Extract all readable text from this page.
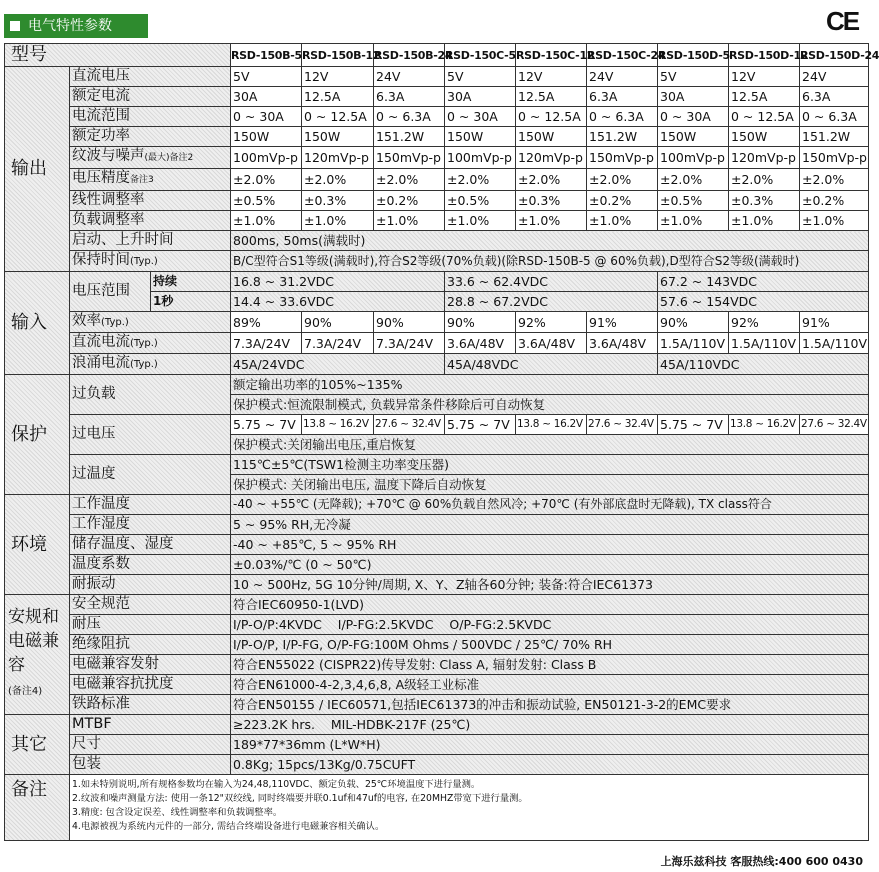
电气特性参数	CE
型号			RSD-150B-5	RSD-150B-12	RSD-150B-24	RSD-150C-5	RSD-150C-12	RSD-150C-24	RSD-150D-5	RSD-150D-12	RSD-150D-24
输出	直流电压		5V	12V	24V	5V	12V	24V	5V	12V	24V
	额定电流		30A	12.5A	6.3A	30A	12.5A	6.3A	30A	12.5A	6.3A
	电流范围		0 ~ 30A	0 ~ 12.5A	0 ~ 6.3A	0 ~ 30A	0 ~ 12.5A	0 ~ 6.3A	0 ~ 30A	0 ~ 12.5A	0 ~ 6.3A
	额定功率		150W	150W	151.2W	150W	150W	151.2W	150W	150W	151.2W
	纹波与噪声(最大)备注2		100mVp-p	120mVp-p	150mVp-p	100mVp-p	120mVp-p	150mVp-p	100mVp-p	120mVp-p	150mVp-p
	电压精度备注3		±2.0%	±2.0%	±2.0%	±2.0%	±2.0%	±2.0%	±2.0%	±2.0%	±2.0%
	线性调整率		±0.5%	±0.3%	±0.2%	±0.5%	±0.3%	±0.2%	±0.5%	±0.3%	±0.2%
	负载调整率		±1.0%	±1.0%	±1.0%	±1.0%	±1.0%	±1.0%	±1.0%	±1.0%	±1.0%
	启动、上升时间		800ms, 50ms(满载时)								
	保持时间(Typ.)		B/C型符合S1等级(满载时),符合S2等级(70%负载)(除RSD-150B-5 @ 60%负载),D型符合S2等级(满载时)								
输入	电压范围	持续	16.8 ~ 31.2VDC			33.6 ~ 62.4VDC			67.2 ~ 143VDC		
		1秒	14.4 ~ 33.6VDC			28.8 ~ 67.2VDC			57.6 ~ 154VDC		
	效率(Typ.)		89%	90%	90%	90%	92%	91%	90%	92%	91%
	直流电流(Typ.)		7.3A/24V	7.3A/24V	7.3A/24V	3.6A/48V	3.6A/48V	3.6A/48V	1.5A/110V	1.5A/110V	1.5A/110V
	浪涌电流(Typ.)		45A/24VDC			45A/48VDC			45A/110VDC		
保护	过负载		额定输出功率的105%~135%								
			保护模式:恒流限制模式, 负载异常条件移除后可自动恢复								
	过电压		5.75 ~ 7V	13.8 ~ 16.2V	27.6 ~ 32.4V	5.75 ~ 7V	13.8 ~ 16.2V	27.6 ~ 32.4V	5.75 ~ 7V	13.8 ~ 16.2V	27.6 ~ 32.4V
			保护模式:关闭输出电压,重启恢复								
	过温度		115℃±5℃(TSW1检测主功率变压器)								
			保护模式: 关闭输出电压, 温度下降后自动恢复								
环境	工作温度		-40 ~ +55℃ (无降载); +70℃ @ 60%负载自然风冷; +70℃ (有外部底盘时无降载), TX class符合								
	工作湿度		5 ~ 95% RH,无冷凝								
	储存温度、湿度		-40 ~ +85℃, 5 ~ 95% RH								
	温度系数		±0.03%/℃ (0 ~ 50℃)								
	耐振动		10 ~ 500Hz, 5G 10分钟/周期, X、Y、Z轴各60分钟; 装备:符合IEC61373								
安规和电磁兼容
(备注4)	安全规范		符合IEC60950-1(LVD)								
	耐压		I/P-O/P:4KVDC    I/P-FG:2.5KVDC    O/P-FG:2.5KVDC								
	绝缘阻抗		I/P-O/P, I/P-FG, O/P-FG:100M Ohms / 500VDC / 25℃/ 70% RH								
	电磁兼容发射		符合EN55022 (CISPR22)传导发射: Class A, 辐射发射: Class B								
	电磁兼容抗扰度		符合EN61000-4-2,3,4,6,8, A级轻工业标准								
	铁路标准		符合EN50155 / IEC60571,包括IEC61373的冲击和振动试验, EN50121-3-2的EMC要求								
其它	MTBF		≥223.2K hrs.    MIL-HDBK-217F (25℃)								
	尺寸		189*77*36mm (L*W*H)								
	包装		0.8Kg; 15pcs/13Kg/0.75CUFT								
备注	1.如未特别说明,所有规格参数均在输入为24,48,110VDC、额定负载、25℃环境温度下进行量测。
2.纹波和噪声测量方法: 使用一条12"双绞线, 同时终端要并联0.1uf和47uf的电容, 在20MHZ带宽下进行量测。
3.精度: 包含设定误差、线性调整率和负载调整率。
4.电源被视为系统内元件的一部分, 需结合终端设备进行电磁兼容相关确认。										
上海乐兹科技 客服热线:400 600 0430
